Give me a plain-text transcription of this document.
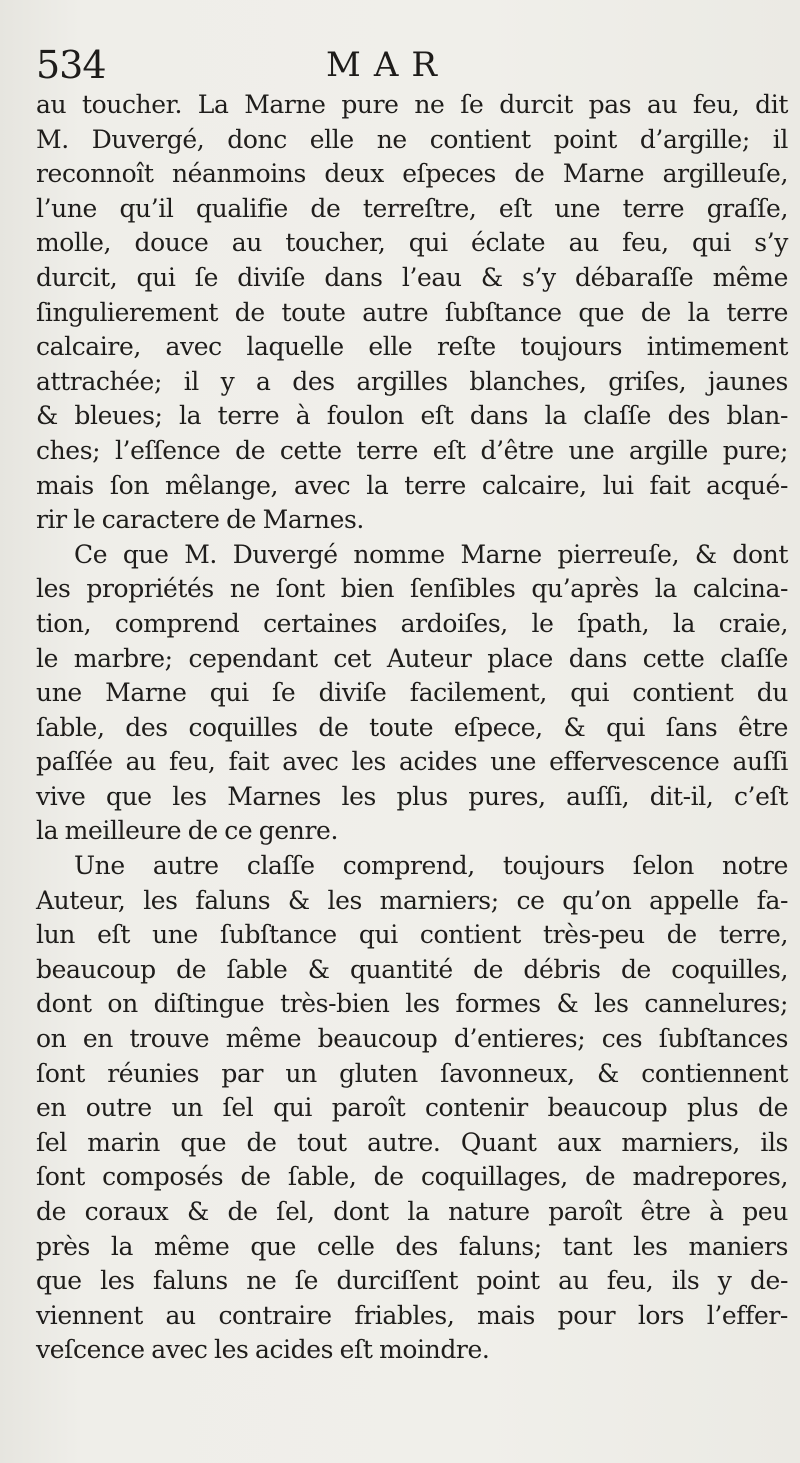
534	MAR
au toucher. La Marne pure ne ſe durcit pas au feu, dit
M. Duvergé, donc elle ne contient point d’argille; il
reconnoît néanmoins deux eſpeces de Marne argilleuſe,
l’une qu’il qualifie de terreſtre, eſt une terre graſſe,
molle, douce au toucher, qui éclate au feu, qui s’y
durcit, qui ſe diviſe dans l’eau & s’y débaraſſe même
ſingulierement de toute autre ſubſtance que de la terre
calcaire, avec laquelle elle reſte toujours intimement
attrachée; il y a des argilles blanches, griſes, jaunes
& bleues; la terre à foulon eſt dans la claſſe des blan-
ches; l’eſſence de cette terre eſt d’être une argille pure;
mais ſon mêlange, avec la terre calcaire, lui fait acqué-
rir le caractere de Marnes.
Ce que M. Duvergé nomme Marne pierreuſe, & dont
les propriétés ne ſont bien ſenſibles qu’après la calcina-
tion, comprend certaines ardoiſes, le ſpath, la craie,
le marbre; cependant cet Auteur place dans cette claſſe
une Marne qui ſe diviſe facilement, qui contient du
ſable, des coquilles de toute eſpece, & qui ſans être
paſſée au feu, fait avec les acides une effervescence auſſi
vive que les Marnes les plus pures, auſſi, dit-il, c’eſt
la meilleure de ce genre.
Une autre claſſe comprend, toujours ſelon notre
Auteur, les faluns & les marniers; ce qu’on appelle fa-
lun eſt une ſubſtance qui contient très-peu de terre,
beaucoup de ſable & quantité de débris de coquilles,
dont on diſtingue très-bien les formes & les cannelures;
on en trouve même beaucoup d’entieres; ces ſubſtances
ſont réunies par un gluten ſavonneux, & contiennent
en outre un ſel qui paroît contenir beaucoup plus de
ſel marin que de tout autre. Quant aux marniers, ils
ſont composés de ſable, de coquillages, de madrepores,
de coraux & de ſel, dont la nature paroît être à peu
près la même que celle des faluns; tant les maniers
que les faluns ne ſe durciſſent point au feu, ils y de-
viennent au contraire friables, mais pour lors l’effer-
veſcence avec les acides eſt moindre.
